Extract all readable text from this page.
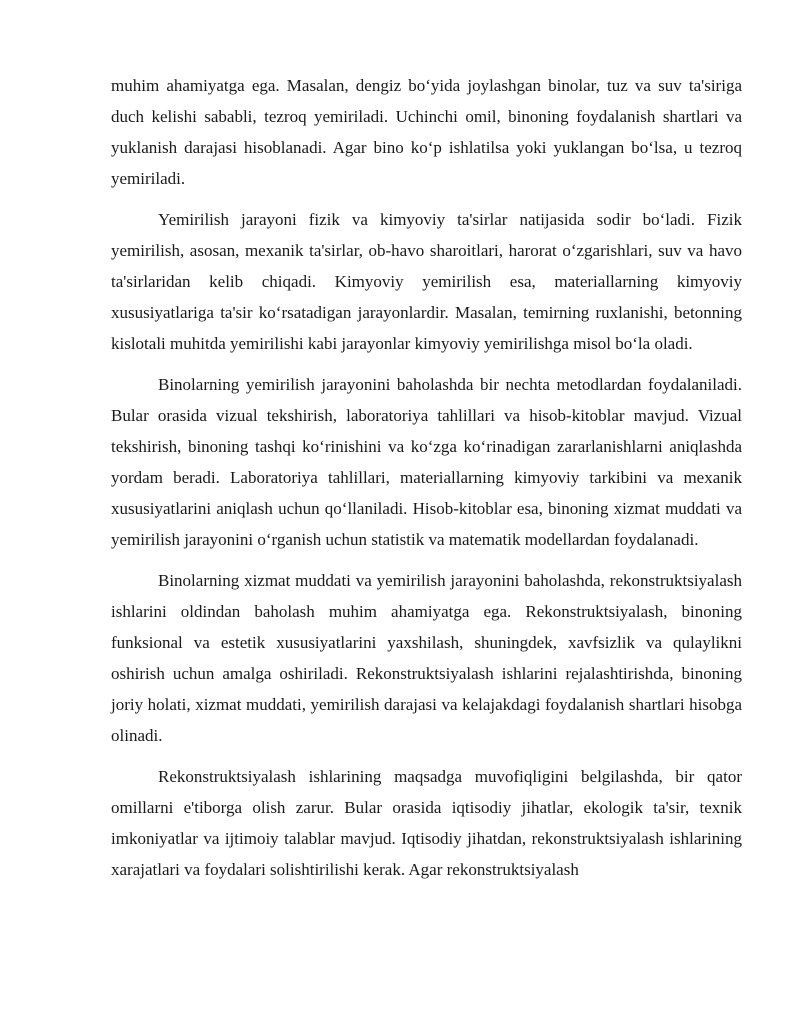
muhim ahamiyatga ega. Masalan, dengiz bo‘yida joylashgan binolar, tuz va suv ta'siriga duch kelishi sababli, tezroq yemiriladi. Uchinchi omil, binoning foydalanish shartlari va yuklanish darajasi hisoblanadi. Agar bino ko‘p ishlatilsa yoki yuklangan bo‘lsa, u tezroq yemiriladi.

Yemirilish jarayoni fizik va kimyoviy ta'sirlar natijasida sodir bo‘ladi. Fizik yemirilish, asosan, mexanik ta'sirlar, ob-havo sharoitlari, harorat o‘zgarishlari, suv va havo ta'sirlaridan kelib chiqadi. Kimyoviy yemirilish esa, materiallarning kimyoviy xususiyatlariga ta'sir ko‘rsatadigan jarayonlardir. Masalan, temirning ruxlanishi, betonning kislotali muhitda yemirilishi kabi jarayonlar kimyoviy yemirilishga misol bo‘la oladi.

Binolarning yemirilish jarayonini baholashda bir nechta metodlardan foydalaniladi. Bular orasida vizual tekshirish, laboratoriya tahlillari va hisob-kitoblar mavjud. Vizual tekshirish, binoning tashqi ko‘rinishini va ko‘zga ko‘rinadigan zararlanishlarni aniqlashda yordam beradi. Laboratoriya tahlillari, materiallarning kimyoviy tarkibini va mexanik xususiyatlarini aniqlash uchun qo‘llaniladi. Hisob-kitoblar esa, binoning xizmat muddati va yemirilish jarayonini o‘rganish uchun statistik va matematik modellardan foydalanadi.

Binolarning xizmat muddati va yemirilish jarayonini baholashda, rekonstruktsiyalash ishlarini oldindan baholash muhim ahamiyatga ega. Rekonstruktsiyalash, binoning funksional va estetik xususiyatlarini yaxshilash, shuningdek, xavfsizlik va qulaylikni oshirish uchun amalga oshiriladi. Rekonstruktsiyalash ishlarini rejalashtirishda, binoning joriy holati, xizmat muddati, yemirilish darajasi va kelajakdagi foydalanish shartlari hisobga olinadi.

Rekonstruktsiyalash ishlarining maqsadga muvofiqligini belgilashda, bir qator omillarni e'tiborga olish zarur. Bular orasida iqtisodiy jihatlar, ekologik ta'sir, texnik imkoniyatlar va ijtimoiy talablar mavjud. Iqtisodiy jihatdan, rekonstruktsiyalash ishlarining xarajatlari va foydalari solishtirilishi kerak. Agar rekonstruktsiyalash
